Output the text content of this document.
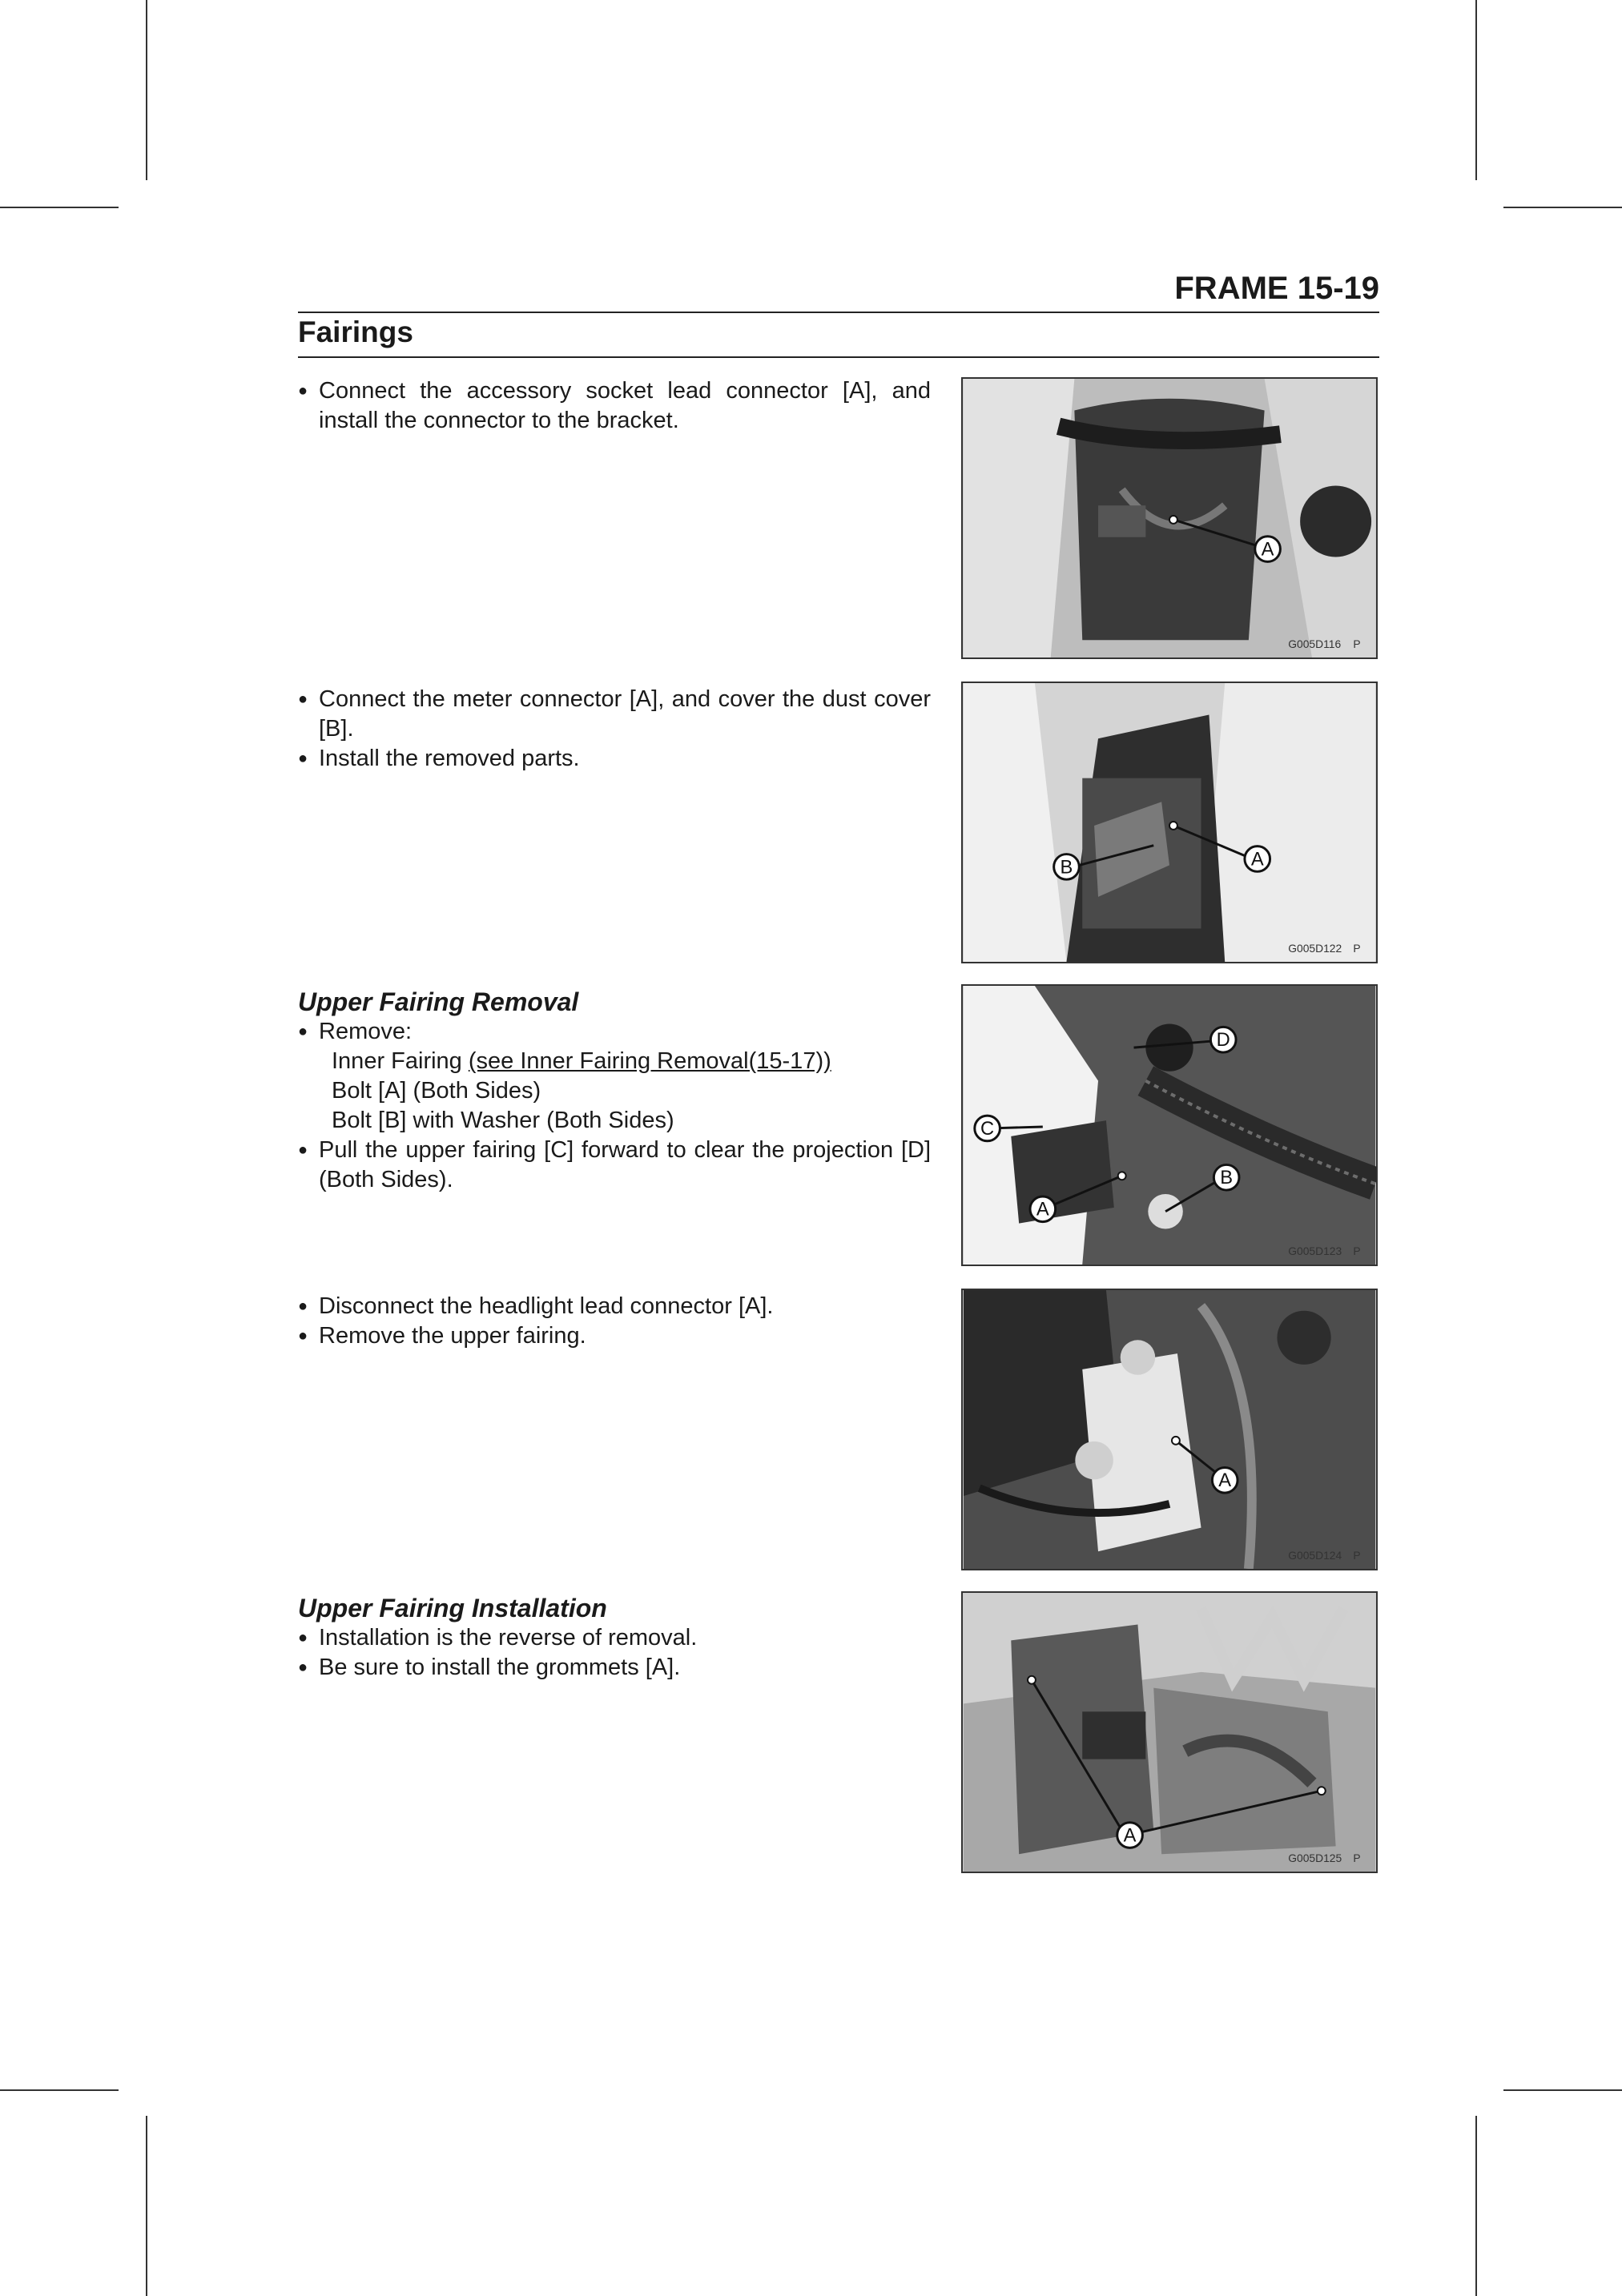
FRAME 15-19
Fairings
● Connect the accessory socket lead connector [A], and install the connector to the bracket.
A
G005D116 P
● Connect the meter connector [A], and cover the dust cover [B].
● Install the removed parts.
A
B
G005D122 P
Upper Fairing Removal
● Remove:
Inner Fairing (see Inner Fairing Removal(15-17))
Bolt [A] (Both Sides)
Bolt [B] with Washer (Both Sides)
● Pull the upper fairing [C] forward to clear the projection [D] (Both Sides).
D
C
B
A
G005D123 P
● Disconnect the headlight lead connector [A].
● Remove the upper fairing.
A
G005D124 P
Upper Fairing Installation
● Installation is the reverse of removal.
● Be sure to install the grommets [A].
A
G005D125 P
